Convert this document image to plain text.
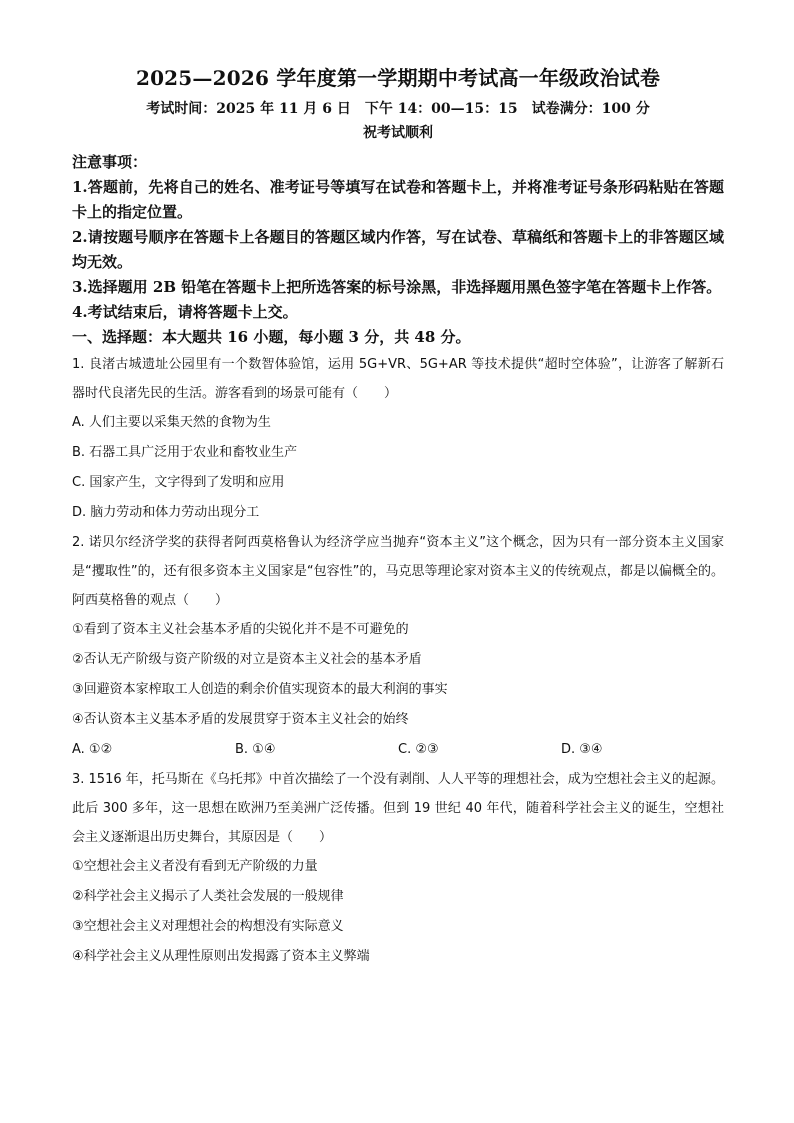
2025—2026 学年度第一学期期中考试高一年级政治试卷

考试时间：2025 年 11 月 6 日　下午 14：00—15：15　试卷满分：100 分

祝考试顺利

注意事项：

1.答题前，先将自己的姓名、准考证号等填写在试卷和答题卡上，并将准考证号条形码粘贴在答题卡上的指定位置。

2.请按题号顺序在答题卡上各题目的答题区域内作答，写在试卷、草稿纸和答题卡上的非答题区域均无效。

3.选择题用 2B 铅笔在答题卡上把所选答案的标号涂黑，非选择题用黑色签字笔在答题卡上作答。

4.考试结束后，请将答题卡上交。

一、选择题：本大题共 16 小题，每小题 3 分，共 48 分。

1. 良渚古城遗址公园里有一个数智体验馆，运用 5G+VR、5G+AR 等技术提供“超时空体验”，让游客了解新石器时代良渚先民的生活。游客看到的场景可能有（　　）

A. 人们主要以采集天然的食物为生

B. 石器工具广泛用于农业和畜牧业生产

C. 国家产生，文字得到了发明和应用

D. 脑力劳动和体力劳动出现分工

2. 诺贝尔经济学奖的获得者阿西莫格鲁认为经济学应当抛弃“资本主义”这个概念，因为只有一部分资本主义国家是“攫取性”的，还有很多资本主义国家是“包容性”的，马克思等理论家对资本主义的传统观点，都是以偏概全的。阿西莫格鲁的观点（　　）

①看到了资本主义社会基本矛盾的尖锐化并不是不可避免的

②否认无产阶级与资产阶级的对立是资本主义社会的基本矛盾

③回避资本家榨取工人创造的剩余价值实现资本的最大利润的事实

④否认资本主义基本矛盾的发展贯穿于资本主义社会的始终

A. ①②	B. ①④	C. ②③	D. ③④

3. 1516 年，托马斯在《乌托邦》中首次描绘了一个没有剥削、人人平等的理想社会，成为空想社会主义的起源。此后 300 多年，这一思想在欧洲乃至美洲广泛传播。但到 19 世纪 40 年代，随着科学社会主义的诞生，空想社会主义逐渐退出历史舞台，其原因是（　　）

①空想社会主义者没有看到无产阶级的力量

②科学社会主义揭示了人类社会发展的一般规律

③空想社会主义对理想社会的构想没有实际意义

④科学社会主义从理性原则出发揭露了资本主义弊端
